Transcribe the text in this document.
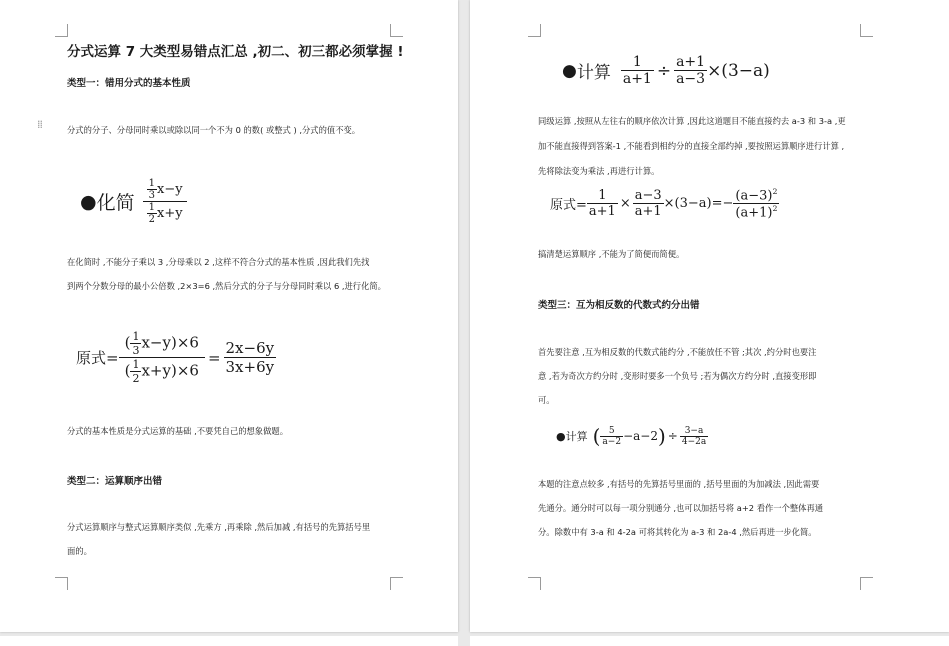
分式运算 7 大类型易错点汇总 ,初二、初三都必须掌握 !
类型一：错用分式的基本性质
⁞⁞	分式的分子、分母同时乘以或除以同一个不为 0 的数( 或整式 ) ,分式的值不变。
● 化简 $\frac{\frac{1}{3} x-y}{\frac{1}{2} x+y}$
在化简时 ,不能分子乘以 3 ,分母乘以 2 ,这样不符合分式的基本性质 ,因此我们先找
到两个分数分母的最小公倍数 ,2×3=6 ,然后分式的分子与分母同时乘以 6 ,进行化简。
原式= $\frac{( \frac{1}{3} x-y)\times 6}{( \frac{1}{2} x+y)\times 6} = \frac{2x-6y}{3x+6y}$
分式的基本性质是分式运算的基础 ,不要凭自己的想象做题。
类型二：运算顺序出错
分式运算顺序与整式运算顺序类似 ,先乘方 ,再乘除 ,然后加减 ,有括号的先算括号里
面的。
● 计算 $\frac{1}{a+1} \div \frac{a+1}{a-3} \times(3-a)$
同级运算 ,按照从左往右的顺序依次计算 ,因此这道题目不能直接约去 a-3 和 3-a ,更
加不能直接得到答案-1 ,不能看到相约分的直接全部约掉 ,要按照运算顺序进行计算 ,
先将除法变为乘法 ,再进行计算。
原式= $\frac{1}{a+1} \times \frac{a-3}{a+1} \times(3-a)=- \frac{(a-3)^2}{(a+1)^2}$
搞清楚运算顺序 ,不能为了简便而简便。
类型三：互为相反数的代数式约分出错
首先要注意 ,互为相反数的代数式能约分 ,不能放任不管 ;其次 ,约分时也要注
意 ,若为奇次方约分时 ,变形时要多一个负号 ;若为偶次方约分时 ,直接变形即
可。
● 计算 ( $\frac{5}{a-2} -a-2$ ) ÷ $\frac{3-a}{4-2a}$
本题的注意点较多 ,有括号的先算括号里面的 ,括号里面的为加减法 ,因此需要
先通分。通分时可以每一项分别通分 ,也可以加括号将 a+2 看作一个整体再通
分。除数中有 3-a 和 4-2a 可将其转化为 a-3 和 2a-4 ,然后再进一步化简。
